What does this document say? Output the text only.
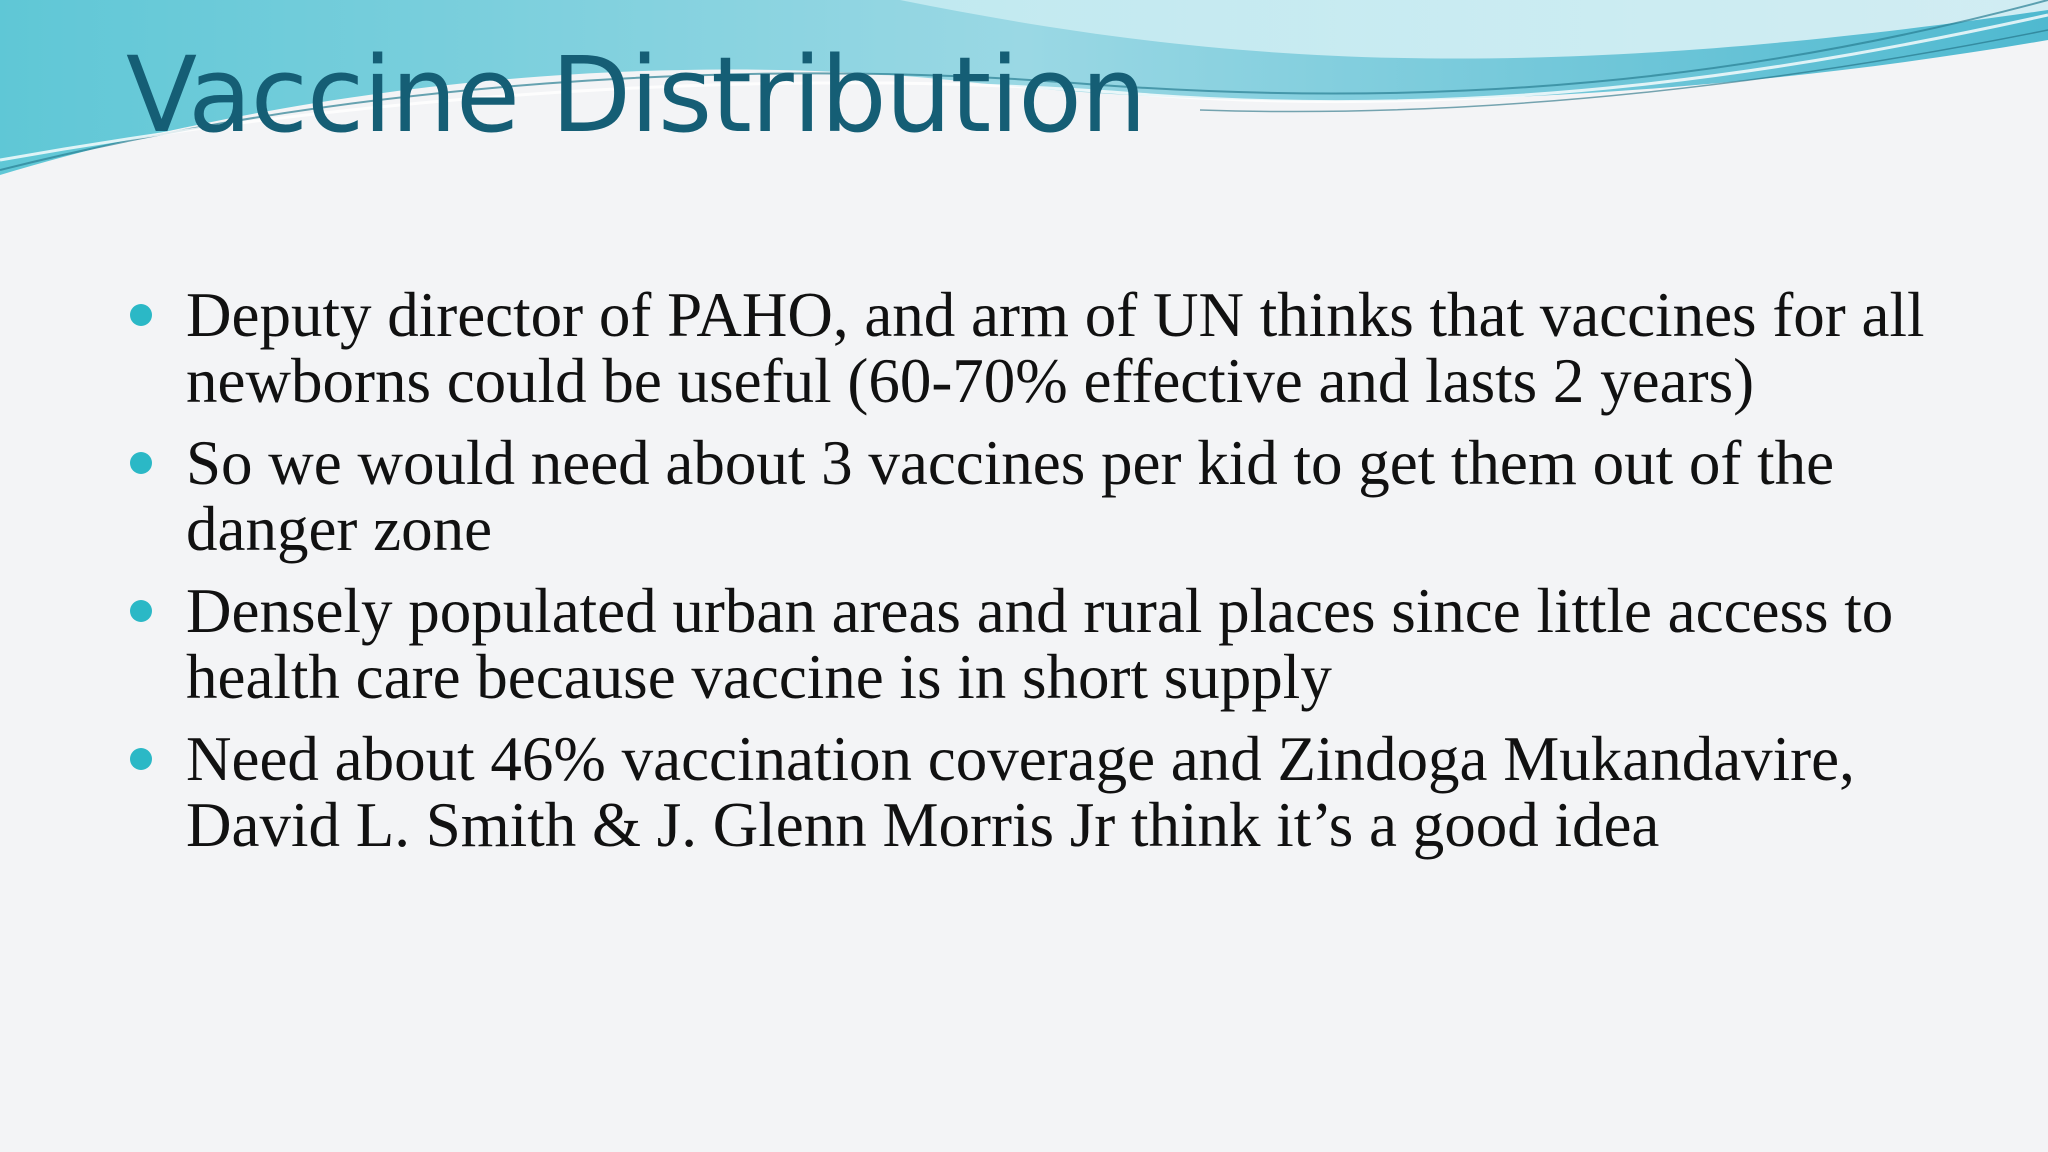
Vaccine Distribution
Deputy director of PAHO, and arm of UN thinks that vaccines for all newborns could be useful (60-70% effective and lasts 2 years)
So we would need about 3 vaccines per kid to get them out of the danger zone
Densely populated urban areas and rural places since little access to health care because vaccine is in short supply
Need about 46% vaccination coverage and Zindoga Mukandavire, David L. Smith & J. Glenn Morris Jr think it’s a good idea
